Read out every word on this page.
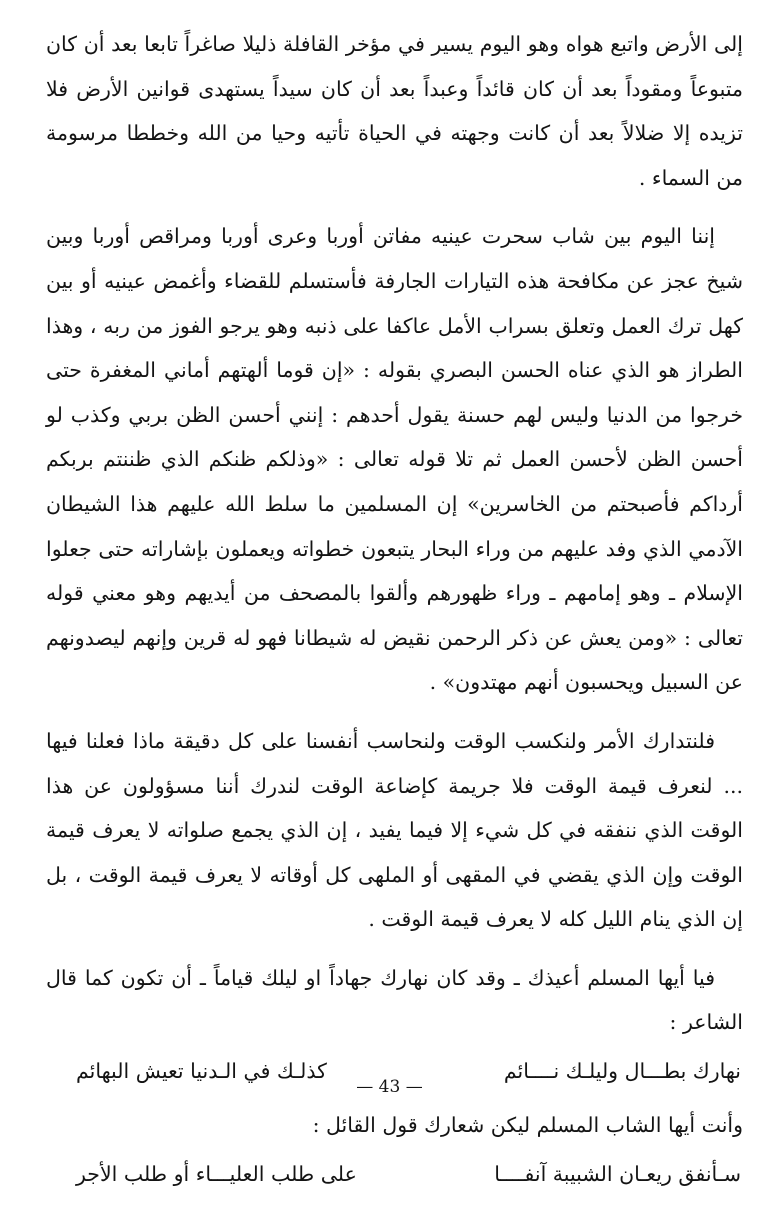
إلى الأرض واتبع هواه وهو اليوم يسير في مؤخر القافلة ذليلا صاغراً تابعا بعد أن كان متبوعاً ومقوداً بعد أن كان قائداً وعبداً بعد أن كان سيداً يستهدى قوانين الأرض فلا تزيده إلا ضلالاً بعد أن كانت وجهته في الحياة تأتيه وحيا من الله وخططا مرسومة من السماء .

إننا اليوم بين شاب سحرت عينيه مفاتن أوربا وعرى أوربا ومراقص أوربا وبين شيخ عجز عن مكافحة هذه التيارات الجارفة فأستسلم للقضاء وأغمض عينيه أو بين كهل ترك العمل وتعلق بسراب الأمل عاكفا على ذنبه وهو يرجو الفوز من ربه ، وهذا الطراز هو الذي عناه الحسن البصري بقوله : «إن قوما ألهتهم أماني المغفرة حتى خرجوا من الدنيا وليس لهم حسنة يقول أحدهم : إنني أحسن الظن بربي وكذب لو أحسن الظن لأحسن العمل ثم تلا قوله تعالى : «وذلكم ظنكم الذي ظننتم بربكم أرداكم فأصبحتم من الخاسرين» إن المسلمين ما سلط الله عليهم هذا الشيطان الآدمي الذي وفد عليهم من وراء البحار يتبعون خطواته ويعملون بإشاراته حتى جعلوا الإسلام ـ وهو إمامهم ـ وراء ظهورهم وألقوا بالمصحف من أيديهم وهو معني قوله تعالى : «ومن يعش عن ذكر الرحمن نقيض له شيطانا فهو له قرين وإنهم ليصدونهم عن السبيل ويحسبون أنهم مهتدون» .

فلنتدارك الأمر ولنكسب الوقت ولنحاسب أنفسنا على كل دقيقة ماذا فعلنا فيها ... لنعرف قيمة الوقت فلا جريمة كإضاعة الوقت لندرك أننا مسؤولون عن هذا الوقت الذي ننفقه في كل شيء إلا فيما يفيد ، إن الذي يجمع صلواته لا يعرف قيمة الوقت وإن الذي يقضي في المقهى أو الملهى كل أوقاته لا يعرف قيمة الوقت ، بل إن الذي ينام الليل كله لا يعرف قيمة الوقت .

فيا أيها المسلم أعيذك ـ وقد كان نهارك جهاداً او ليلك قياماً ـ أن تكون كما قال الشاعر :

نهارك بطـــال وليلـك نــــائم
كذلـك في الـدنيا تعيش البهائم

وأنت أيها الشاب المسلم ليكن شعارك قول القائل :

سـأنفق ريعـان الشبيبة آنفــــا
على طلب العليـــاء أو طلب الأجر
— 43 —
